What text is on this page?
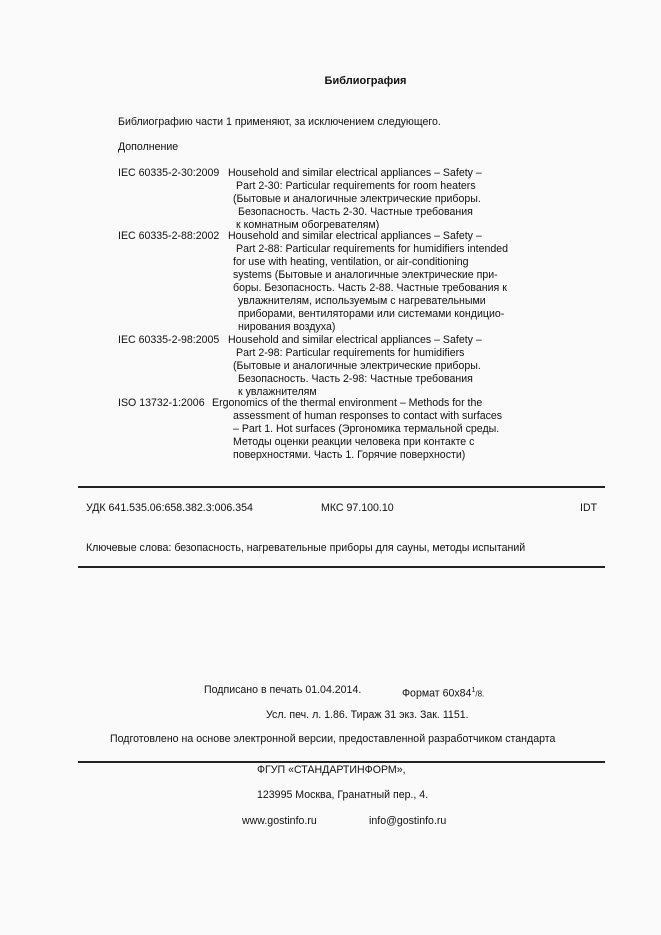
Библиография
Библиографию части 1 применяют, за исключением следующего.
Дополнение
IEC 60335-2-30:2009 Household and similar electrical appliances – Safety –
Part 2-30: Particular requirements for room heaters
(Бытовые и аналогичные электрические приборы.
Безопасность. Часть 2-30. Частные требования
к комнатным обогревателям)
IEC 60335-2-88:2002 Household and similar electrical appliances – Safety –
Part 2-88: Particular requirements for humidifiers intended
for use with heating, ventilation, or air-conditioning
systems (Бытовые и аналогичные электрические при-
боры. Безопасность. Часть 2-88. Частные требования к
увлажнителям, используемым с нагревательными
приборами, вентиляторами или системами кондицио-
нирования воздуха)
IEC 60335-2-98:2005 Household and similar electrical appliances – Safety –
Part 2-98: Particular requirements for humidifiers
(Бытовые и аналогичные электрические приборы.
Безопасность. Часть 2-98: Частные требования
к увлажнителям
ISO 13732-1:2006 Ergonomics of the thermal environment – Methods for the
assessment of human responses to contact with surfaces
– Part 1. Hot surfaces (Эргономика термальной среды.
Методы оценки реакции человека при контакте с
поверхностями. Часть 1. Горячие поверхности)
УДК 641.535.06:658.382.3:006.354	МКС 97.100.10	IDT
Ключевые слова: безопасность, нагревательные приборы для сауны, методы испытаний
Подписано в печать 01.04.2014.	Формат $60x84^1/8$.
Усл. печ. л. 1.86. Тираж 31 экз. Зак. 1151.
Подготовлено на основе электронной версии, предоставленной разработчиком стандарта
ФГУП «СТАНДАРТИНФОРМ»,
123995 Москва, Гранатный пер., 4.
www.gostinfo.ru	info@gostinfo.ru
